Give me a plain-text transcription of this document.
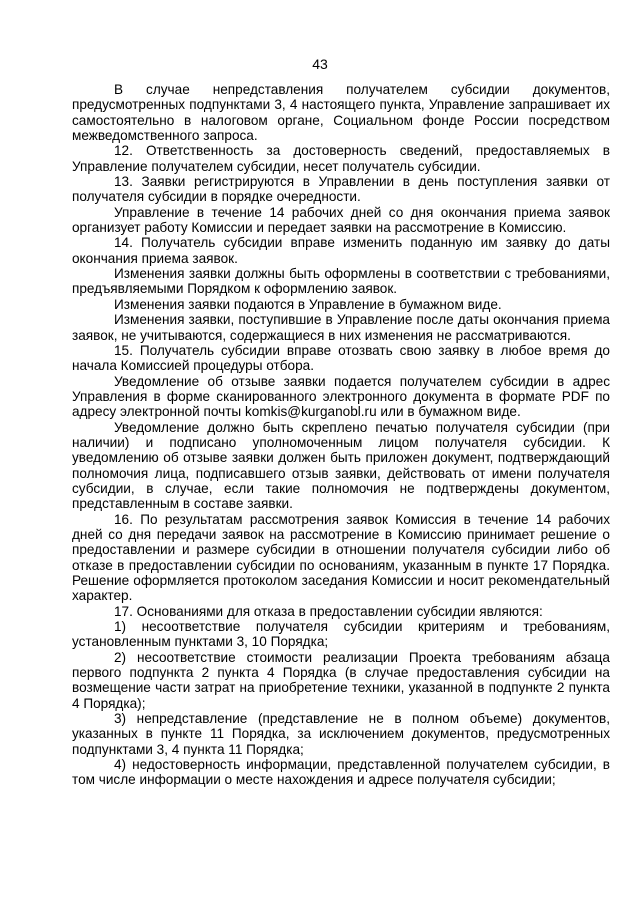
43

В случае непредставления получателем субсидии документов, предусмотренных подпунктами 3, 4 настоящего пункта, Управление запрашивает их самостоятельно в налоговом органе, Социальном фонде России посредством межведомственного запроса.

12. Ответственность за достоверность сведений, предоставляемых в Управление получателем субсидии, несет получатель субсидии.

13. Заявки регистрируются в Управлении в день поступления заявки от получателя субсидии в порядке очередности.

Управление в течение 14 рабочих дней со дня окончания приема заявок организует работу Комиссии и передает заявки на рассмотрение в Комиссию.

14. Получатель субсидии вправе изменить поданную им заявку до даты окончания приема заявок.

Изменения заявки должны быть оформлены в соответствии с требованиями, предъявляемыми Порядком к оформлению заявок.

Изменения заявки подаются в Управление в бумажном виде.

Изменения заявки, поступившие в Управление после даты окончания приема заявок, не учитываются, содержащиеся в них изменения не рассматриваются.

15. Получатель субсидии вправе отозвать свою заявку в любое время до начала Комиссией процедуры отбора.

Уведомление об отзыве заявки подается получателем субсидии в адрес Управления в форме сканированного электронного документа в формате PDF по адресу электронной почты komkis@kurganobl.ru или в бумажном виде.

Уведомление должно быть скреплено печатью получателя субсидии (при наличии) и подписано уполномоченным лицом получателя субсидии. К уведомлению об отзыве заявки должен быть приложен документ, подтверждающий полномочия лица, подписавшего отзыв заявки, действовать от имени получателя субсидии, в случае, если такие полномочия не подтверждены документом, представленным в составе заявки.

16. По результатам рассмотрения заявок Комиссия в течение 14 рабочих дней со дня передачи заявок на рассмотрение в Комиссию принимает решение о предоставлении и размере субсидии в отношении получателя субсидии либо об отказе в предоставлении субсидии по основаниям, указанным в пункте 17 Порядка. Решение оформляется протоколом заседания Комиссии и носит рекомендательный характер.

17. Основаниями для отказа в предоставлении субсидии являются:

1) несоответствие получателя субсидии критериям и требованиям, установленным пунктами 3, 10 Порядка;

2) несоответствие стоимости реализации Проекта требованиям абзаца первого подпункта 2 пункта 4 Порядка (в случае предоставления субсидии на возмещение части затрат на приобретение техники, указанной в подпункте 2 пункта 4 Порядка);

3) непредставление (представление не в полном объеме) документов, указанных в пункте 11 Порядка, за исключением документов, предусмотренных подпунктами 3, 4 пункта 11 Порядка;

4) недостоверность информации, представленной получателем субсидии, в том числе информации о месте нахождения и адресе получателя субсидии;
